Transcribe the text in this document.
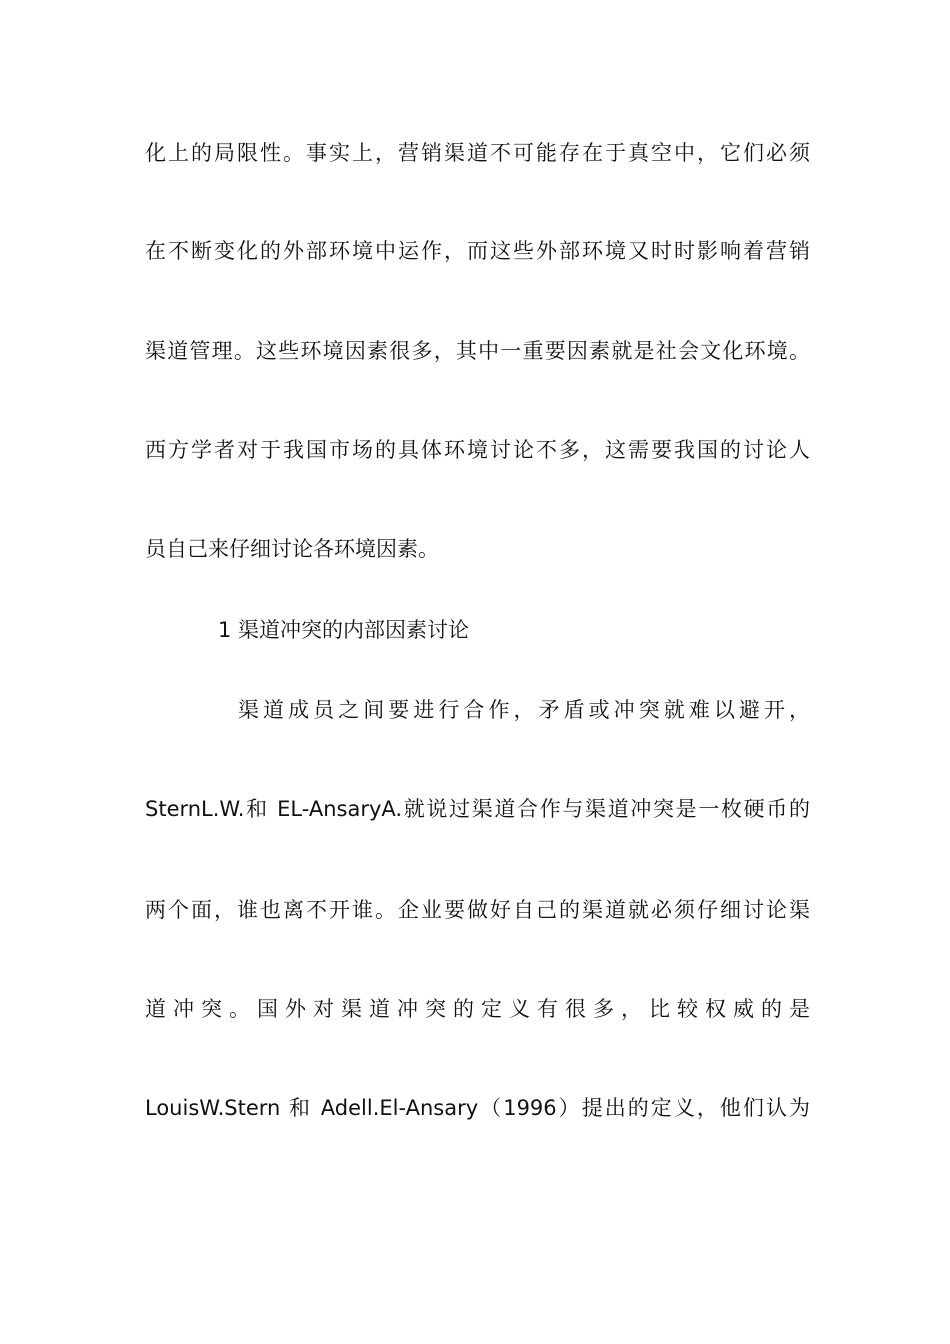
化上的局限性。事实上，营销渠道不可能存在于真空中，它们必须
在不断变化的外部环境中运作，而这些外部环境又时时影响着营销
渠道管理。这些环境因素很多，其中一重要因素就是社会文化环境。
西方学者对于我国市场的具体环境讨论不多，这需要我国的讨论人
员自己来仔细讨论各环境因素。
1 渠道冲突的内部因素讨论
渠道成员之间要进行合作，矛盾或冲突就难以避开，
SternL.W.和 EL-AnsaryA.就说过渠道合作与渠道冲突是一枚硬币的
两个面，谁也离不开谁。企业要做好自己的渠道就必须仔细讨论渠
道冲突。国外对渠道冲突的定义有很多，比较权威的是
LouisW.Stern 和 Adell.El-Ansary（1996）提出的定义，他们认为
